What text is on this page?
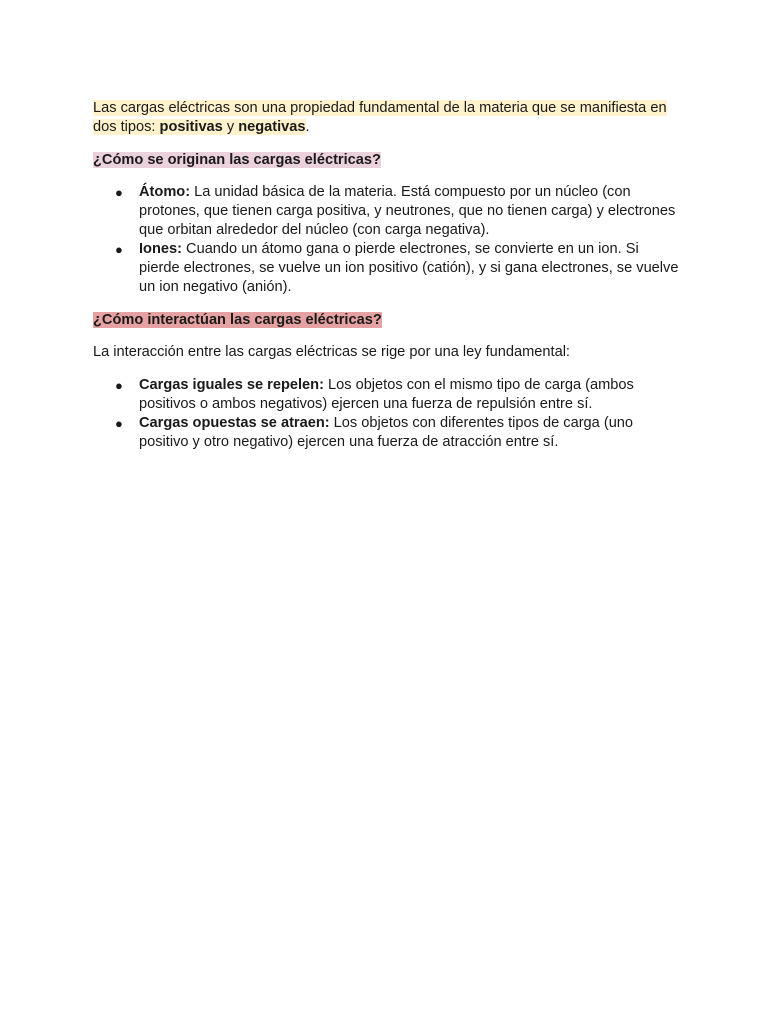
Las cargas eléctricas son una propiedad fundamental de la materia que se manifiesta en dos tipos: positivas y negativas.

¿Cómo se originan las cargas eléctricas?

● Átomo: La unidad básica de la materia. Está compuesto por un núcleo (con protones, que tienen carga positiva, y neutrones, que no tienen carga) y electrones que orbitan alrededor del núcleo (con carga negativa).
● Iones: Cuando un átomo gana o pierde electrones, se convierte en un ion. Si pierde electrones, se vuelve un ion positivo (catión), y si gana electrones, se vuelve un ion negativo (anión).

¿Cómo interactúan las cargas eléctricas?

La interacción entre las cargas eléctricas se rige por una ley fundamental:

● Cargas iguales se repelen: Los objetos con el mismo tipo de carga (ambos positivos o ambos negativos) ejercen una fuerza de repulsión entre sí.
● Cargas opuestas se atraen: Los objetos con diferentes tipos de carga (uno positivo y otro negativo) ejercen una fuerza de atracción entre sí.
